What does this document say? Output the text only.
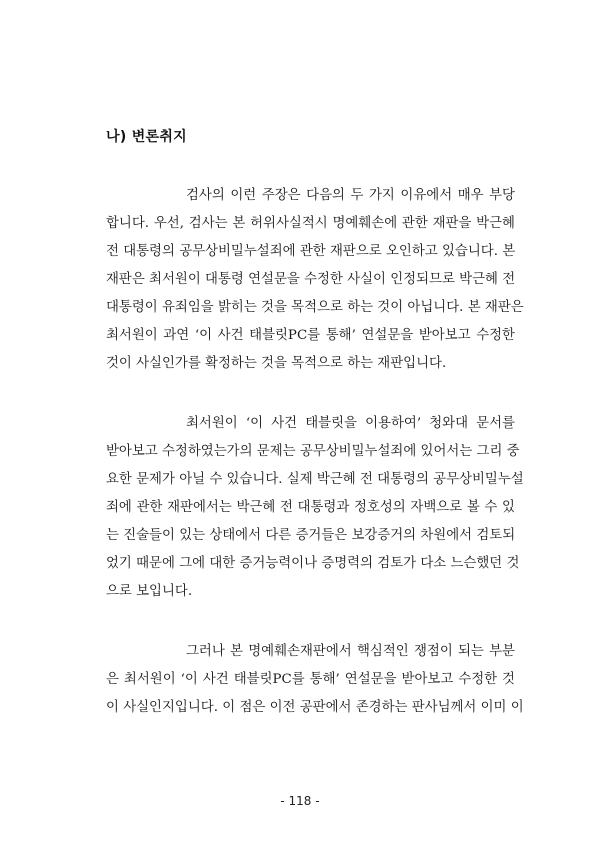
나) 변론취지
검사의 이런 주장은 다음의 두 가지 이유에서 매우 부당
합니다. 우선, 검사는 본 허위사실적시 명예훼손에 관한 재판을 박근혜
전 대통령의 공무상비밀누설죄에 관한 재판으로 오인하고 있습니다. 본
재판은 최서원이 대통령 연설문을 수정한 사실이 인정되므로 박근혜 전
대통령이 유죄임을 밝히는 것을 목적으로 하는 것이 아닙니다. 본 재판은
최서원이 과연 ‘이 사건 태블릿PC를 통해’ 연설문을 받아보고 수정한
것이 사실인가를 확정하는 것을 목적으로 하는 재판입니다.
최서원이 ‘이 사건 태블릿을 이용하여’ 청와대 문서를
받아보고 수정하였는가의 문제는 공무상비밀누설죄에 있어서는 그리 중
요한 문제가 아닐 수 있습니다. 실제 박근혜 전 대통령의 공무상비밀누설
죄에 관한 재판에서는 박근혜 전 대통령과 정호성의 자백으로 볼 수 있
는 진술들이 있는 상태에서 다른 증거들은 보강증거의 차원에서 검토되
었기 때문에 그에 대한 증거능력이나 증명력의 검토가 다소 느슨했던 것
으로 보입니다.
그러나 본 명예훼손재판에서 핵심적인 쟁점이 되는 부분
은 최서원이 ‘이 사건 태블릿PC를 통해’ 연설문을 받아보고 수정한 것
이 사실인지입니다. 이 점은 이전 공판에서 존경하는 판사님께서 이미 이
- 118 -
